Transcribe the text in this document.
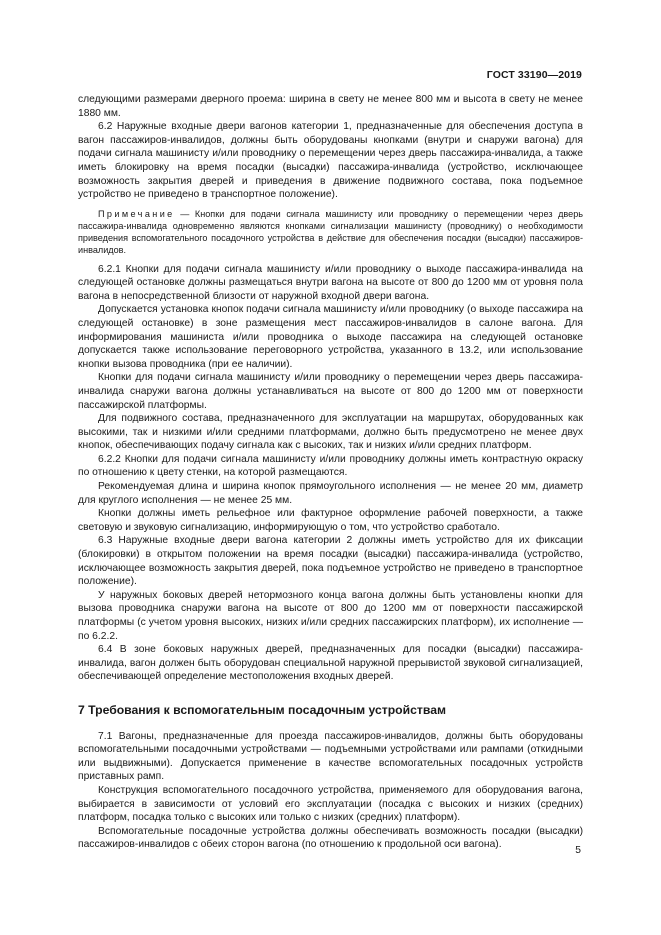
ГОСТ 33190—2019

следующими размерами дверного проема: ширина в свету не менее 800 мм и высота в свету не менее 1880 мм.

6.2 Наружные входные двери вагонов категории 1, предназначенные для обеспечения доступа в вагон пассажиров-инвалидов, должны быть оборудованы кнопками (внутри и снаружи вагона) для подачи сигнала машинисту и/или проводнику о перемещении через дверь пассажира-инвалида, а также иметь блокировку на время посадки (высадки) пассажира-инвалида (устройство, исключающее возможность закрытия дверей и приведения в движение подвижного состава, пока подъемное устройство не приведено в транспортное положение).

Примечание — Кнопки для подачи сигнала машинисту или проводнику о перемещении через дверь пассажира-инвалида одновременно являются кнопками сигнализации машинисту (проводнику) о необходимости приведения вспомогательного посадочного устройства в действие для обеспечения посадки (высадки) пассажиров-инвалидов.

6.2.1 Кнопки для подачи сигнала машинисту и/или проводнику о выходе пассажира-инвалида на следующей остановке должны размещаться внутри вагона на высоте от 800 до 1200 мм от уровня пола вагона в непосредственной близости от наружной входной двери вагона.

Допускается установка кнопок подачи сигнала машинисту и/или проводнику (о выходе пассажира на следующей остановке) в зоне размещения мест пассажиров-инвалидов в салоне вагона. Для информирования машиниста и/или проводника о выходе пассажира на следующей остановке допускается также использование переговорного устройства, указанного в 13.2, или использование кнопки вызова проводника (при ее наличии).

Кнопки для подачи сигнала машинисту и/или проводнику о перемещении через дверь пассажира-инвалида снаружи вагона должны устанавливаться на высоте от 800 до 1200 мм от поверхности пассажирской платформы.

Для подвижного состава, предназначенного для эксплуатации на маршрутах, оборудованных как высокими, так и низкими и/или средними платформами, должно быть предусмотрено не менее двух кнопок, обеспечивающих подачу сигнала как с высоких, так и низких и/или средних платформ.

6.2.2 Кнопки для подачи сигнала машинисту и/или проводнику должны иметь контрастную окраску по отношению к цвету стенки, на которой размещаются.

Рекомендуемая длина и ширина кнопок прямоугольного исполнения — не менее 20 мм, диаметр для круглого исполнения — не менее 25 мм.

Кнопки должны иметь рельефное или фактурное оформление рабочей поверхности, а также световую и звуковую сигнализацию, информирующую о том, что устройство сработало.

6.3 Наружные входные двери вагона категории 2 должны иметь устройство для их фиксации (блокировки) в открытом положении на время посадки (высадки) пассажира-инвалида (устройство, исключающее возможность закрытия дверей, пока подъемное устройство не приведено в транспортное положение).

У наружных боковых дверей нетормозного конца вагона должны быть установлены кнопки для вызова проводника снаружи вагона на высоте от 800 до 1200 мм от поверхности пассажирской платформы (с учетом уровня высоких, низких и/или средних пассажирских платформ), их исполнение — по 6.2.2.

6.4 В зоне боковых наружных дверей, предназначенных для посадки (высадки) пассажира-инвалида, вагон должен быть оборудован специальной наружной прерывистой звуковой сигнализацией, обеспечивающей определение местоположения входных дверей.

7 Требования к вспомогательным посадочным устройствам

7.1 Вагоны, предназначенные для проезда пассажиров-инвалидов, должны быть оборудованы вспомогательными посадочными устройствами — подъемными устройствами или рампами (откидными или выдвижными). Допускается применение в качестве вспомогательных посадочных устройств приставных рамп.

Конструкция вспомогательного посадочного устройства, применяемого для оборудования вагона, выбирается в зависимости от условий его эксплуатации (посадка с высоких и низких (средних) платформ, посадка только с высоких или только с низких (средних) платформ).

Вспомогательные посадочные устройства должны обеспечивать возможность посадки (высадки) пассажиров-инвалидов с обеих сторон вагона (по отношению к продольной оси вагона).

5
